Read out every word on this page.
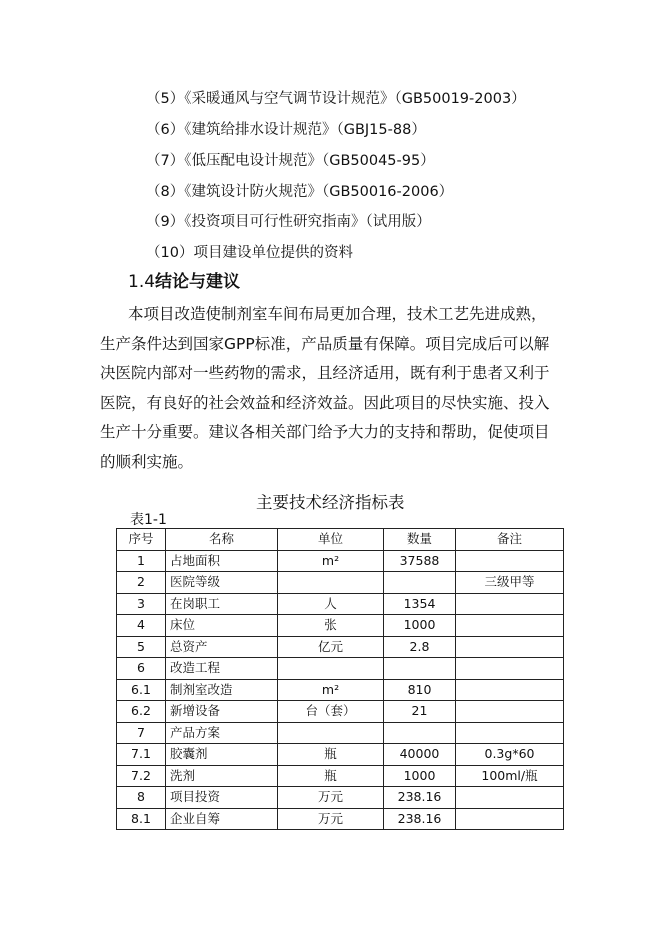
（5）《采暖通风与空气调节设计规范》（GB50019-2003）
（6）《建筑给排水设计规范》（GBJ15-88）
（7）《低压配电设计规范》（GB50045-95）
（8）《建筑设计防火规范》（GB50016-2006）
（9）《投资项目可行性研究指南》（试用版）
（10）项目建设单位提供的资料
1.4结论与建议
本项目改造使制剂室车间布局更加合理，技术工艺先进成熟，
生产条件达到国家GPP标准，产品质量有保障。项目完成后可以解
决医院内部对一些药物的需求，且经济适用，既有利于患者又利于
医院，有良好的社会效益和经济效益。因此项目的尽快实施、投入
生产十分重要。建议各相关部门给予大力的支持和帮助，促使项目
的顺利实施。
主要技术经济指标表
表1-1
序号	名称	单位	数量	备注
1	占地面积	m²	37588	
2	医院等级			三级甲等
3	在岗职工	人	1354	
4	床位	张	1000	
5	总资产	亿元	2.8	
6	改造工程			
6.1	制剂室改造	m²	810	
6.2	新增设备	台（套）	21	
7	产品方案			
7.1	胶囊剂	瓶	40000	0.3g*60
7.2	洗剂	瓶	1000	100ml/瓶
8	项目投资	万元	238.16	
8.1	企业自筹	万元	238.16	
